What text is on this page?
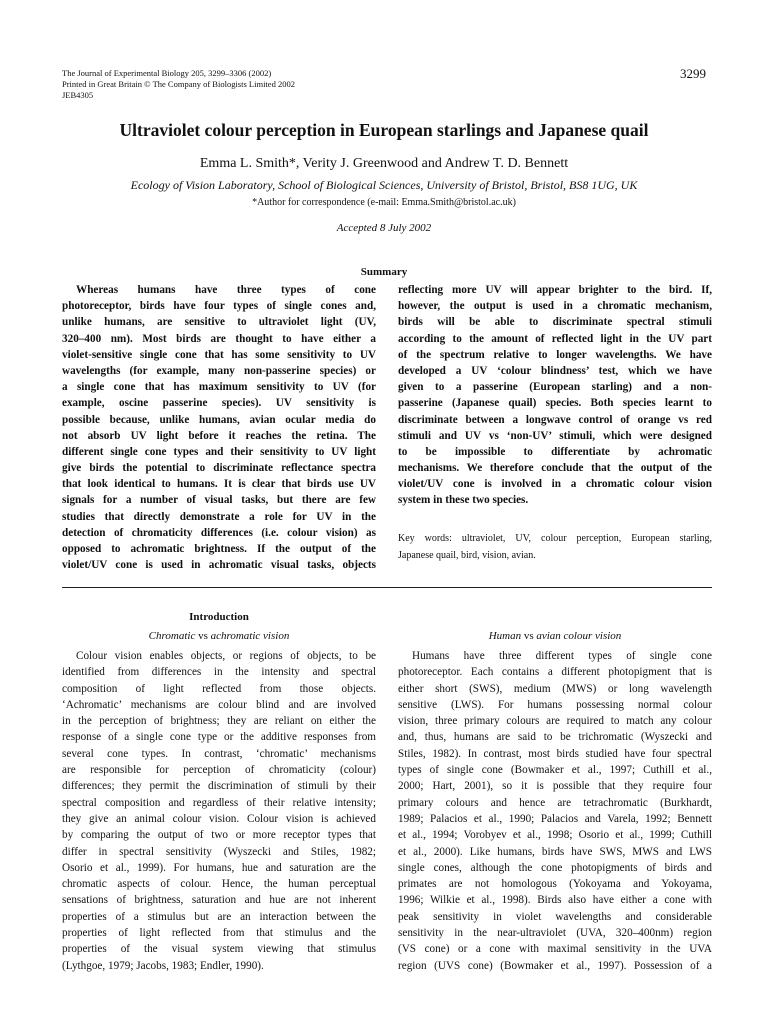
The Journal of Experimental Biology 205, 3299–3306 (2002)
Printed in Great Britain © The Company of Biologists Limited 2002
JEB4305
3299
Ultraviolet colour perception in European starlings and Japanese quail
Emma L. Smith*, Verity J. Greenwood and Andrew T. D. Bennett
Ecology of Vision Laboratory, School of Biological Sciences, University of Bristol, Bristol, BS8 1UG, UK
*Author for correspondence (e-mail: Emma.Smith@bristol.ac.uk)
Accepted 8 July 2002
Summary
Whereas humans have three types of cone
photoreceptor, birds have four types of single cones and,
unlike humans, are sensitive to ultraviolet light (UV,
320–400 nm). Most birds are thought to have either a
violet-sensitive single cone that has some sensitivity to UV
wavelengths (for example, many non-passerine species) or
a single cone that has maximum sensitivity to UV (for
example, oscine passerine species). UV sensitivity is
possible because, unlike humans, avian ocular media do
not absorb UV light before it reaches the retina. The
different single cone types and their sensitivity to UV light
give birds the potential to discriminate reflectance spectra
that look identical to humans. It is clear that birds use UV
signals for a number of visual tasks, but there are few
studies that directly demonstrate a role for UV in the
detection of chromaticity differences (i.e. colour vision) as
opposed to achromatic brightness. If the output of the
violet/UV cone is used in achromatic visual tasks, objects
reflecting more UV will appear brighter to the bird. If,
however, the output is used in a chromatic mechanism,
birds will be able to discriminate spectral stimuli
according to the amount of reflected light in the UV part
of the spectrum relative to longer wavelengths. We have
developed a UV ‘colour blindness’ test, which we have
given to a passerine (European starling) and a non-
passerine (Japanese quail) species. Both species learnt to
discriminate between a longwave control of orange vs red
stimuli and UV vs ‘non-UV’ stimuli, which were designed
to be impossible to differentiate by achromatic
mechanisms. We therefore conclude that the output of the
violet/UV cone is involved in a chromatic colour vision
system in these two species.
Key words: ultraviolet, UV, colour perception, European starling,
Japanese quail, bird, vision, avian.
Introduction
Chromatic vs achromatic vision	Human vs avian colour vision
Colour vision enables objects, or regions of objects, to be
identified from differences in the intensity and spectral
composition of light reflected from those objects.
‘Achromatic’ mechanisms are colour blind and are involved
in the perception of brightness; they are reliant on either the
response of a single cone type or the additive responses from
several cone types. In contrast, ‘chromatic’ mechanisms
are responsible for perception of chromaticity (colour)
differences; they permit the discrimination of stimuli by their
spectral composition and regardless of their relative intensity;
they give an animal colour vision. Colour vision is achieved
by comparing the output of two or more receptor types that
differ in spectral sensitivity (Wyszecki and Stiles, 1982;
Osorio et al., 1999). For humans, hue and saturation are the
chromatic aspects of colour. Hence, the human perceptual
sensations of brightness, saturation and hue are not inherent
properties of a stimulus but are an interaction between the
properties of light reflected from that stimulus and the
properties of the visual system viewing that stimulus
(Lythgoe, 1979; Jacobs, 1983; Endler, 1990).
Humans have three different types of single cone
photoreceptor. Each contains a different photopigment that is
either short (SWS), medium (MWS) or long wavelength
sensitive (LWS). For humans possessing normal colour
vision, three primary colours are required to match any colour
and, thus, humans are said to be trichromatic (Wyszecki and
Stiles, 1982). In contrast, most birds studied have four spectral
types of single cone (Bowmaker et al., 1997; Cuthill et al.,
2000; Hart, 2001), so it is possible that they require four
primary colours and hence are tetrachromatic (Burkhardt,
1989; Palacios et al., 1990; Palacios and Varela, 1992; Bennett
et al., 1994; Vorobyev et al., 1998; Osorio et al., 1999; Cuthill
et al., 2000). Like humans, birds have SWS, MWS and LWS
single cones, although the cone photopigments of birds and
primates are not homologous (Yokoyama and Yokoyama,
1996; Wilkie et al., 1998). Birds also have either a cone with
peak sensitivity in violet wavelengths and considerable
sensitivity in the near-ultraviolet (UVA, 320–400nm) region
(VS cone) or a cone with maximal sensitivity in the UVA
region (UVS cone) (Bowmaker et al., 1997). Possession of a
